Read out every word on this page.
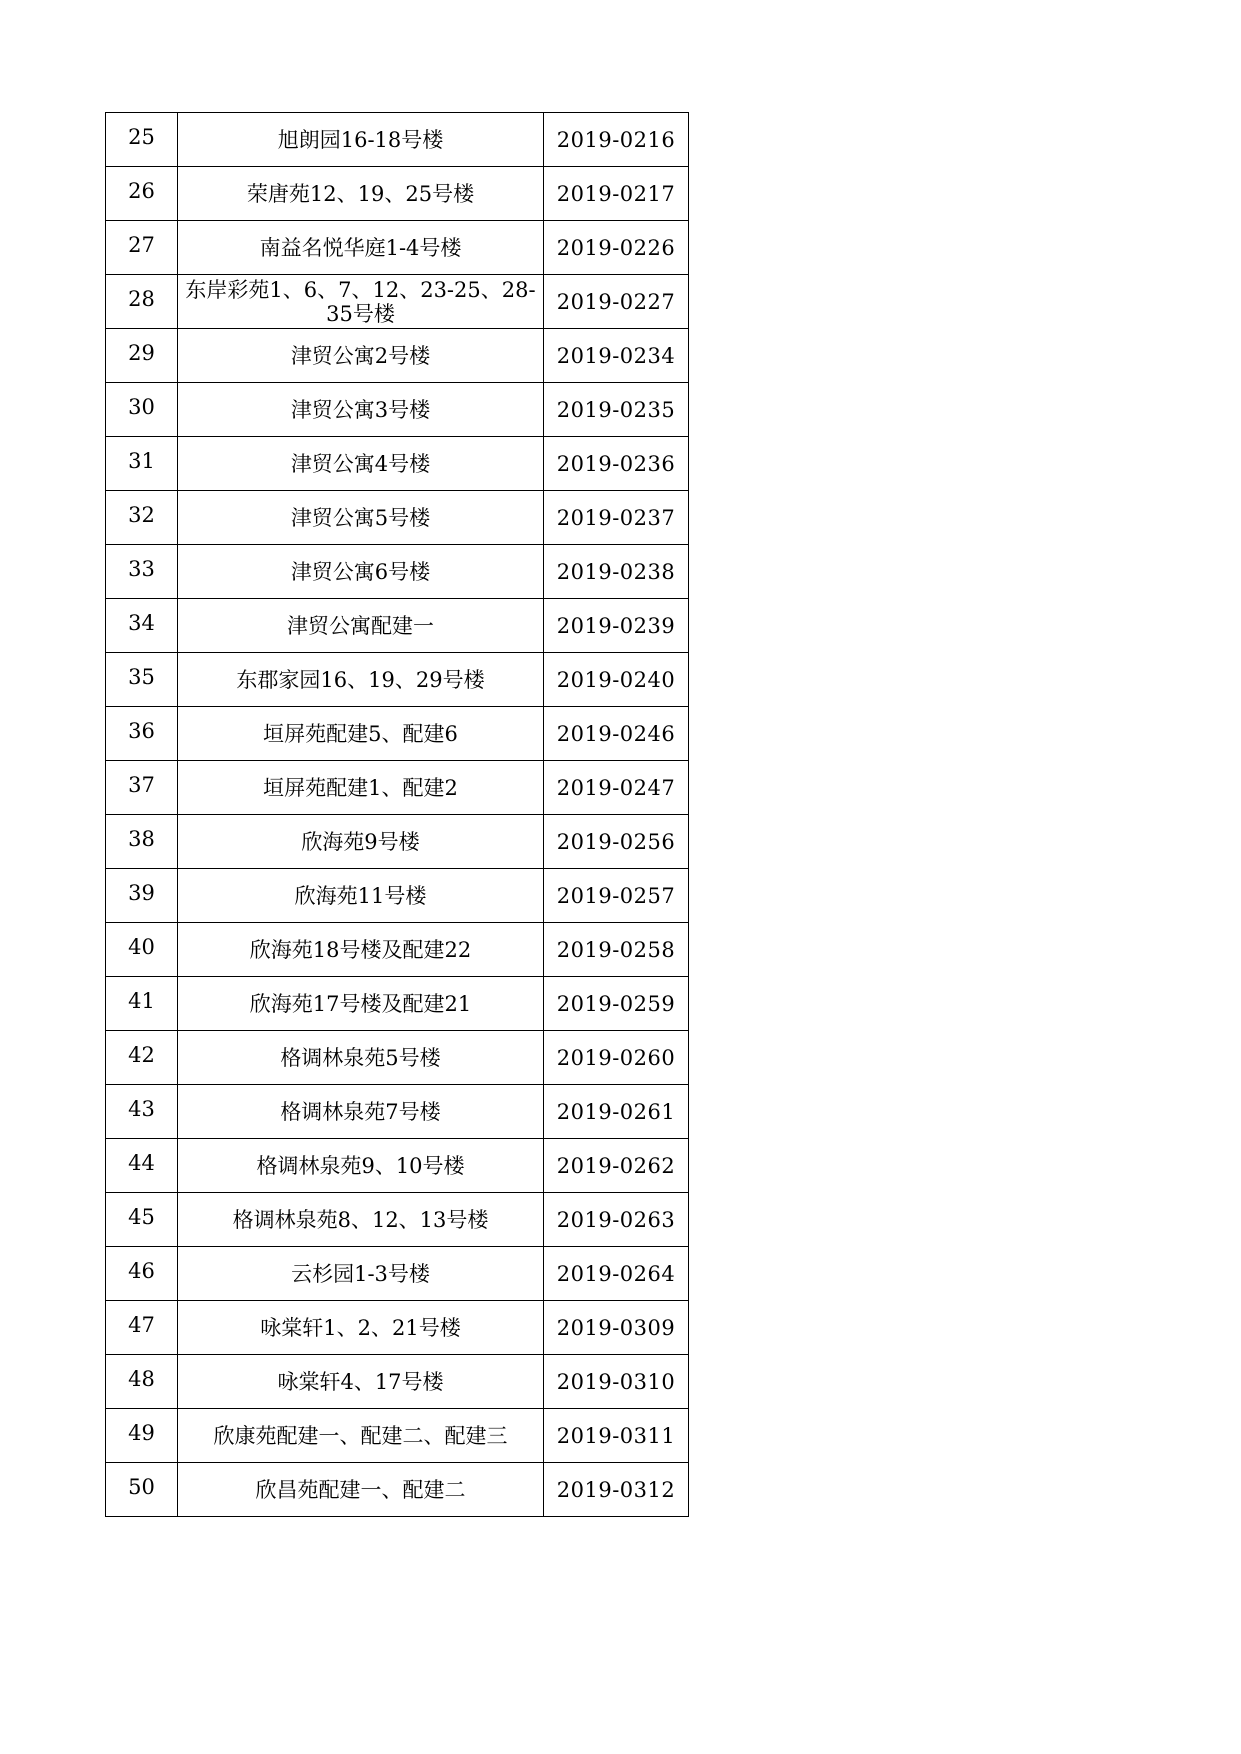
25	旭朗园16-18号楼	2019-0216
26	荣唐苑12、19、25号楼	2019-0217
27	南益名悦华庭1-4号楼	2019-0226
28	东岸彩苑1、6、7、12、23-25、28-35号楼	2019-0227
29	津贸公寓2号楼	2019-0234
30	津贸公寓3号楼	2019-0235
31	津贸公寓4号楼	2019-0236
32	津贸公寓5号楼	2019-0237
33	津贸公寓6号楼	2019-0238
34	津贸公寓配建一	2019-0239
35	东郡家园16、19、29号楼	2019-0240
36	垣屏苑配建5、配建6	2019-0246
37	垣屏苑配建1、配建2	2019-0247
38	欣海苑9号楼	2019-0256
39	欣海苑11号楼	2019-0257
40	欣海苑18号楼及配建22	2019-0258
41	欣海苑17号楼及配建21	2019-0259
42	格调林泉苑5号楼	2019-0260
43	格调林泉苑7号楼	2019-0261
44	格调林泉苑9、10号楼	2019-0262
45	格调林泉苑8、12、13号楼	2019-0263
46	云杉园1-3号楼	2019-0264
47	咏棠轩1、2、21号楼	2019-0309
48	咏棠轩4、17号楼	2019-0310
49	欣康苑配建一、配建二、配建三	2019-0311
50	欣昌苑配建一、配建二	2019-0312
